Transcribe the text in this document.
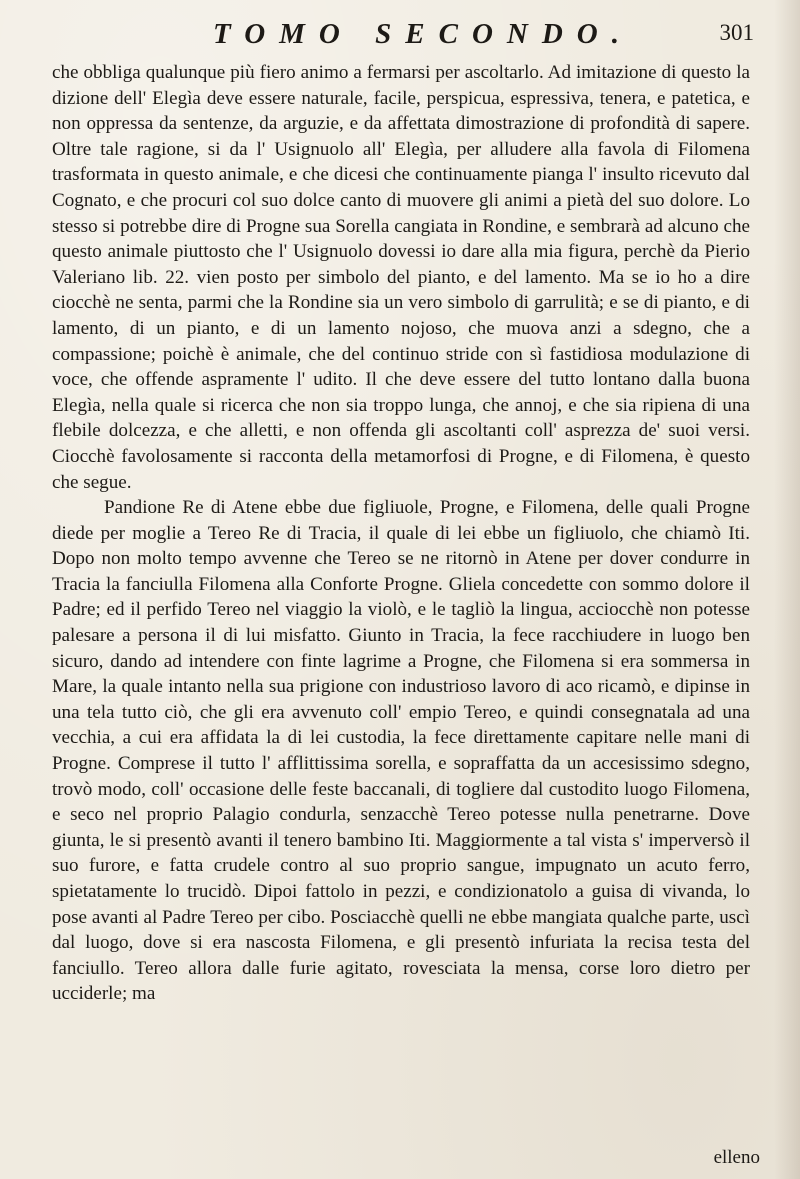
TOMO SECONDO.	301

che obbliga qualunque più fiero animo a fermarsi per ascoltarlo. Ad imitazione di questo la dizione dell' Elegìa deve essere naturale, facile, perspicua, espressiva, tenera, e patetica, e non oppressa da sentenze, da arguzie, e da affettata dimostrazione di profondità di sapere. Oltre tale ragione, si da l' Usignuolo all' Elegìa, per alludere alla favola di Filomena trasformata in questo animale, e che dicesi che continuamente pianga l' insulto ricevuto dal Cognato, e che procuri col suo dolce canto di muovere gli animi a pietà del suo dolore. Lo stesso si potrebbe dire di Progne sua Sorella cangiata in Rondine, e sembrarà ad alcuno che questo animale piuttosto che l' Usignuolo dovessi io dare alla mia figura, perchè da Pierio Valeriano lib. 22. vien posto per simbolo del pianto, e del lamento. Ma se io ho a dire ciocchè ne senta, parmi che la Rondine sia un vero simbolo di garrulità; e se di pianto, e di lamento, di un pianto, e di un lamento nojoso, che muova anzi a sdegno, che a compassione; poichè è animale, che del continuo stride con sì fastidiosa modulazione di voce, che offende aspramente l' udito. Il che deve essere del tutto lontano dalla buona Elegìa, nella quale si ricerca che non sia troppo lunga, che annoj, e che sia ripiena di una flebile dolcezza, e che alletti, e non offenda gli ascoltanti coll' asprezza de' suoi versi. Ciocchè favolosamente si racconta della metamorfosi di Progne, e di Filomena, è questo che segue.

Pandione Re di Atene ebbe due figliuole, Progne, e Filomena, delle quali Progne diede per moglie a Tereo Re di Tracia, il quale di lei ebbe un figliuolo, che chiamò Iti. Dopo non molto tempo avvenne che Tereo se ne ritornò in Atene per dover condurre in Tracia la fanciulla Filomena alla Conforte Progne. Gliela concedette con sommo dolore il Padre; ed il perfido Tereo nel viaggio la violò, e le tagliò la lingua, acciocchè non potesse palesare a persona il di lui misfatto. Giunto in Tracia, la fece racchiudere in luogo ben sicuro, dando ad intendere con finte lagrime a Progne, che Filomena si era sommersa in Mare, la quale intanto nella sua prigione con industrioso lavoro di aco ricamò, e dipinse in una tela tutto ciò, che gli era avvenuto coll' empio Tereo, e quindi consegnatala ad una vecchia, a cui era affidata la di lei custodia, la fece direttamente capitare nelle mani di Progne. Comprese il tutto l' afflittissima sorella, e sopraffatta da un accesissimo sdegno, trovò modo, coll' occasione delle feste baccanali, di togliere dal custodito luogo Filomena, e seco nel proprio Palagio condurla, senzacchè Tereo potesse nulla penetrarne. Dove giunta, le si presentò avanti il tenero bambino Iti. Maggiormente a tal vista s' imperversò il suo furore, e fatta crudele contro al suo proprio sangue, impugnato un acuto ferro, spietatamente lo trucidò. Dipoi fattolo in pezzi, e condizionatolo a guisa di vivanda, lo pose avanti al Padre Tereo per cibo. Posciacchè quelli ne ebbe mangiata qualche parte, uscì dal luogo, dove si era nascosta Filomena, e gli presentò infuriata la recisa testa del fanciullo. Tereo allora dalle furie agitato, rovesciata la mensa, corse loro dietro per ucciderle; ma

elleno
